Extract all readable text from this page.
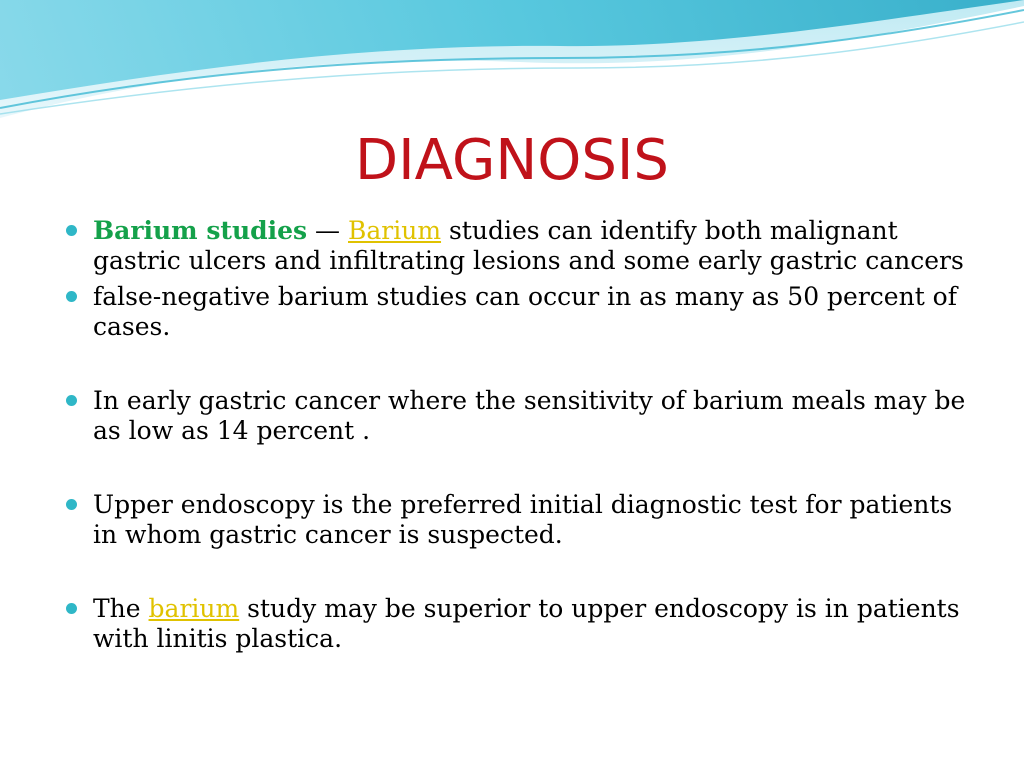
DIAGNOSIS
Barium studies — Barium studies can identify both malignant gastric ulcers and infiltrating lesions and some early gastric cancers
false-negative barium studies can occur in as many as 50 percent of cases.
In early gastric cancer where the sensitivity of barium meals may be as low as 14 percent .
Upper endoscopy is the preferred initial diagnostic test for patients in whom gastric cancer is suspected.
The barium study may be superior to upper endoscopy is in patients with linitis plastica.
